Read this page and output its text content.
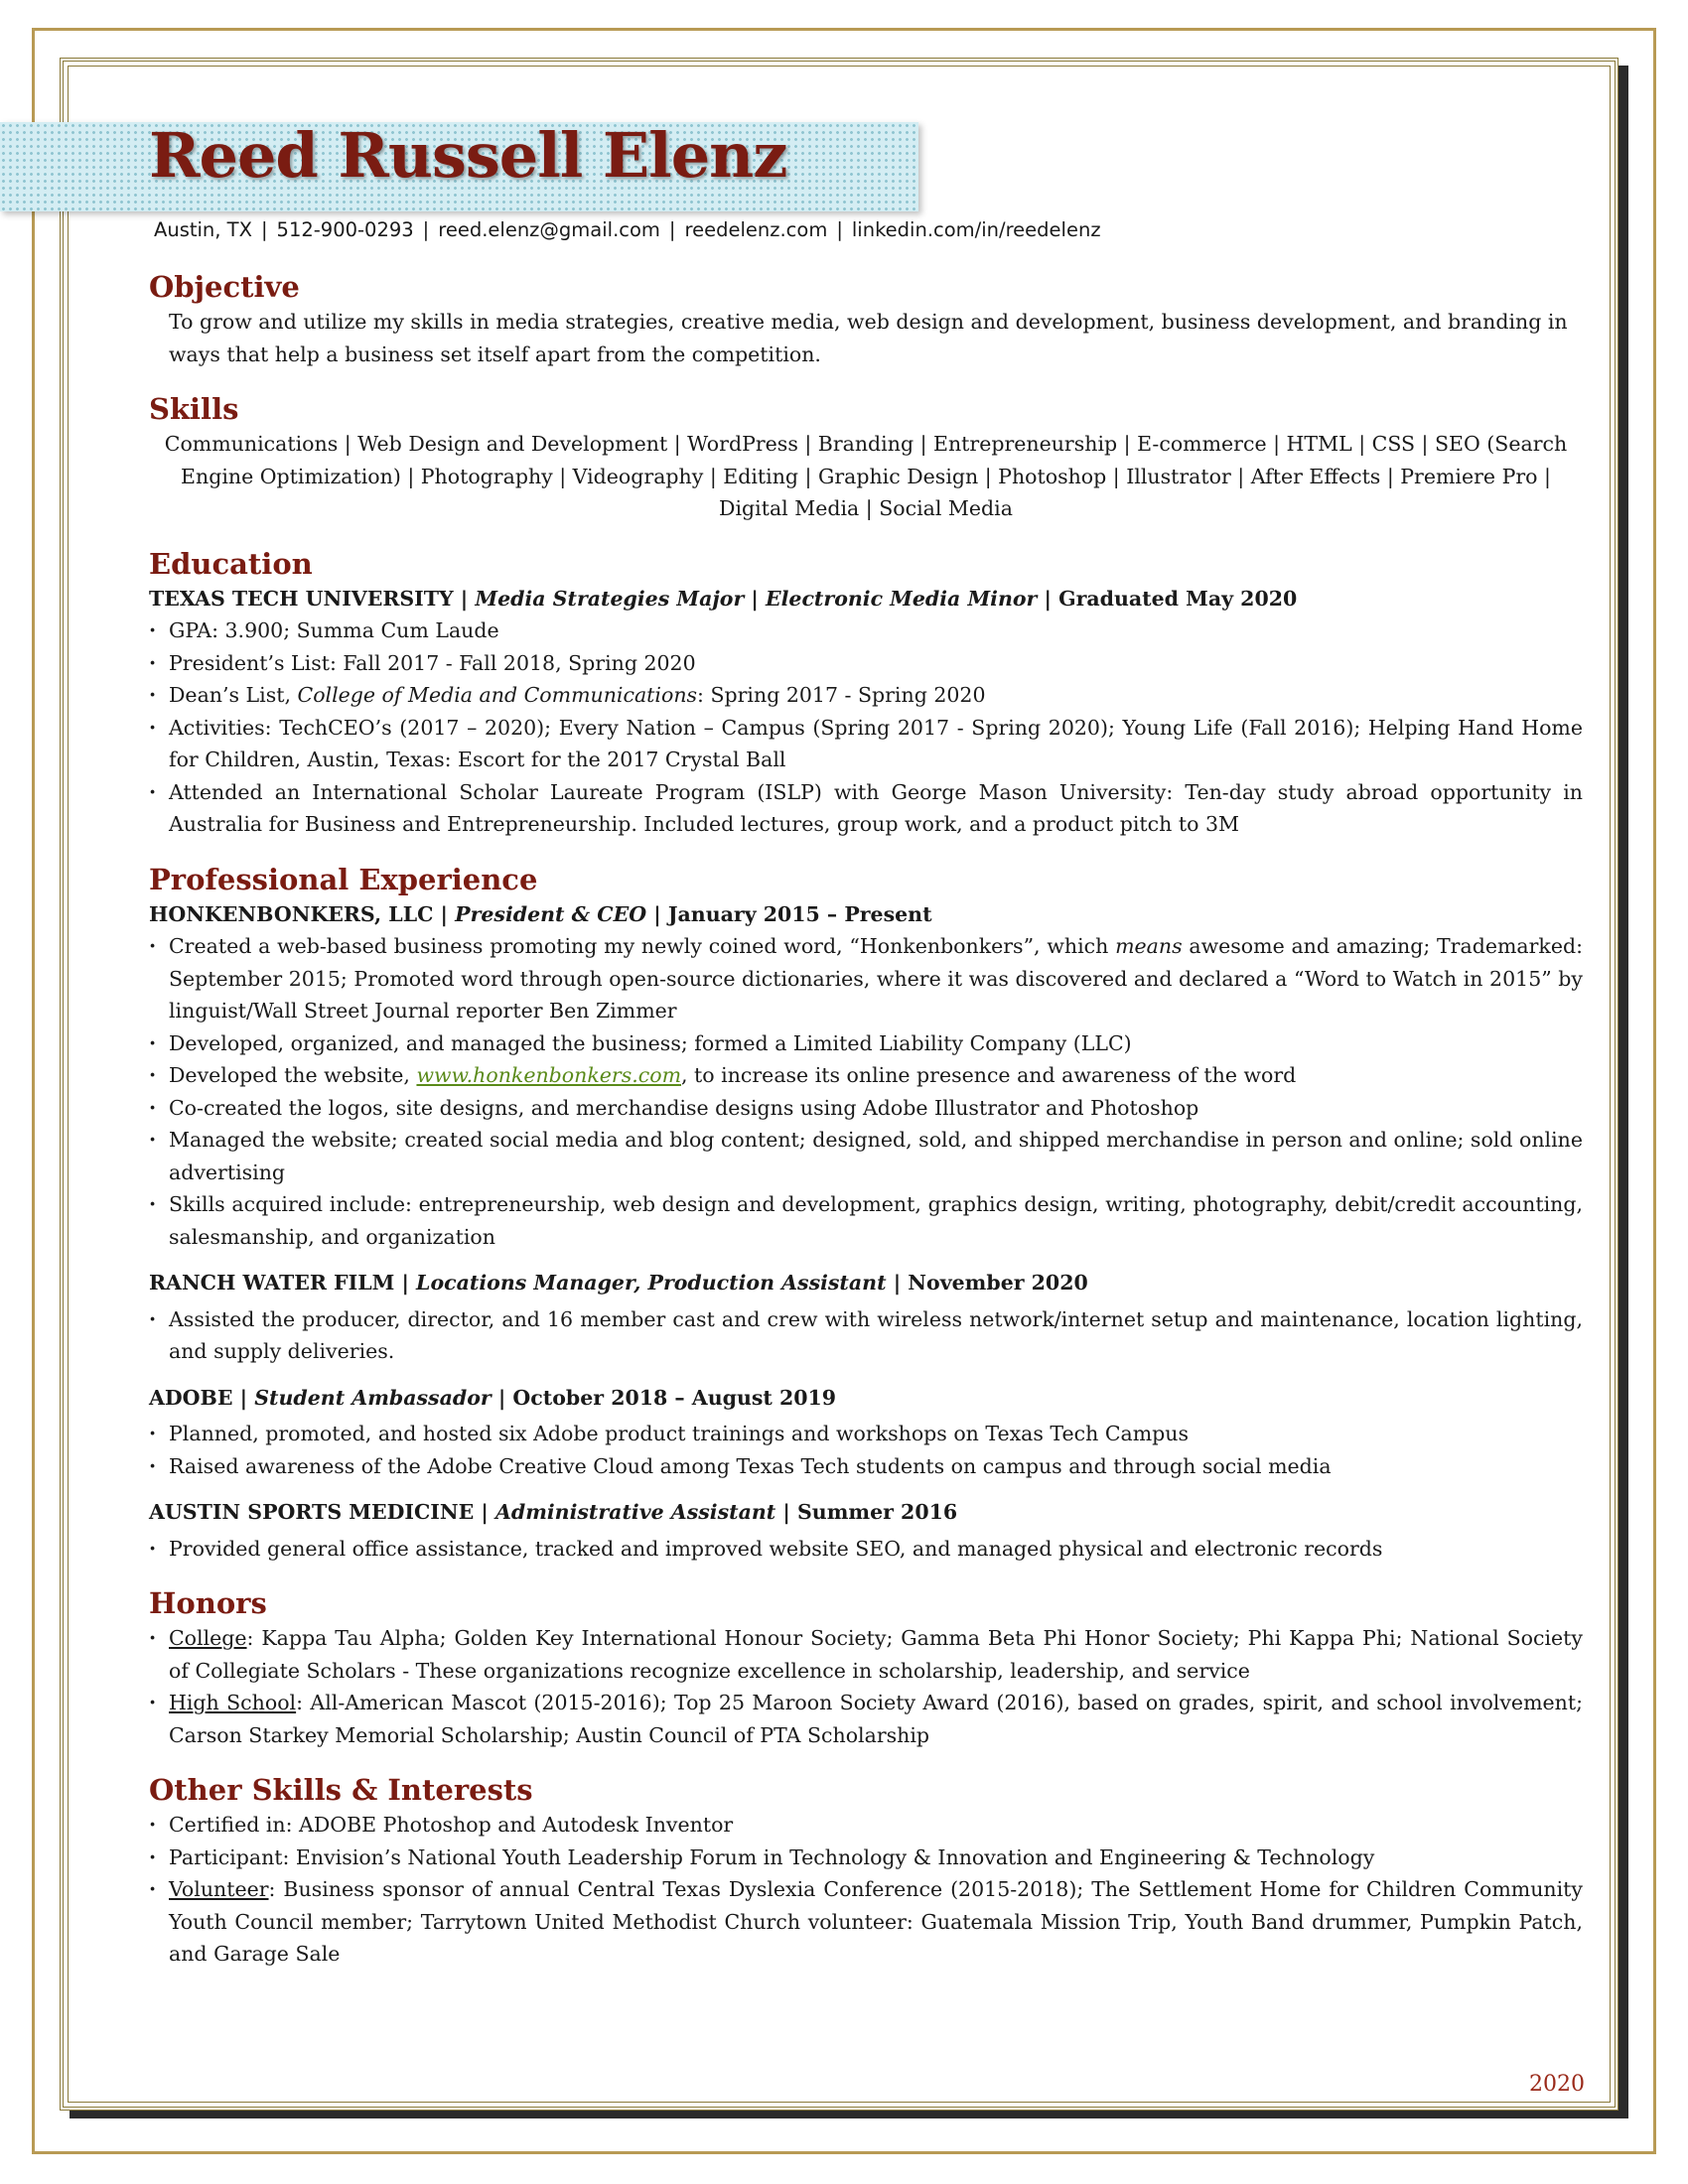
Reed Russell Elenz
Austin, TX | 512-900-0293 | reed.elenz@gmail.com | reedelenz.com | linkedin.com/in/reedelenz
Objective
To grow and utilize my skills in media strategies, creative media, web design and development, business development, and branding in ways that help a business set itself apart from the competition.
Skills
Communications | Web Design and Development | WordPress | Branding | Entrepreneurship | E-commerce | HTML | CSS | SEO (Search Engine Optimization) | Photography | Videography | Editing | Graphic Design | Photoshop | Illustrator | After Effects | Premiere Pro | Digital Media | Social Media
Education

TEXAS TECH UNIVERSITY | Media Strategies Major | Electronic Media Minor | Graduated May 2020

· GPA: 3.900; Summa Cum Laude
· President’s List: Fall 2017 - Fall 2018, Spring 2020
· Dean’s List, College of Media and Communications: Spring 2017 - Spring 2020
· Activities: TechCEO’s (2017 – 2020); Every Nation – Campus (Spring 2017 - Spring 2020); Young Life (Fall 2016); Helping Hand Home for Children, Austin, Texas: Escort for the 2017 Crystal Ball
· Attended an International Scholar Laureate Program (ISLP) with George Mason University: Ten-day study abroad opportunity in Australia for Business and Entrepreneurship. Included lectures, group work, and a product pitch to 3M
Professional Experience

HONKENBONKERS, LLC | President & CEO | January 2015 – Present

· Created a web-based business promoting my newly coined word, “Honkenbonkers”, which means awesome and amazing; Trademarked: September 2015; Promoted word through open-source dictionaries, where it was discovered and declared a “Word to Watch in 2015” by linguist/Wall Street Journal reporter Ben Zimmer
· Developed, organized, and managed the business; formed a Limited Liability Company (LLC)
· Developed the website, www.honkenbonkers.com, to increase its online presence and awareness of the word
· Co-created the logos, site designs, and merchandise designs using Adobe Illustrator and Photoshop
· Managed the website; created social media and blog content; designed, sold, and shipped merchandise in person and online; sold online advertising
· Skills acquired include: entrepreneurship, web design and development, graphics design, writing, photography, debit/credit accounting, salesmanship, and organization

RANCH WATER FILM | Locations Manager, Production Assistant | November 2020

· Assisted the producer, director, and 16 member cast and crew with wireless network/internet setup and maintenance, location lighting, and supply deliveries.

ADOBE | Student Ambassador | October 2018 – August 2019

· Planned, promoted, and hosted six Adobe product trainings and workshops on Texas Tech Campus
· Raised awareness of the Adobe Creative Cloud among Texas Tech students on campus and through social media

AUSTIN SPORTS MEDICINE | Administrative Assistant | Summer 2016

· Provided general office assistance, tracked and improved website SEO, and managed physical and electronic records
Honors
· College: Kappa Tau Alpha; Golden Key International Honour Society; Gamma Beta Phi Honor Society; Phi Kappa Phi; National Society of Collegiate Scholars - These organizations recognize excellence in scholarship, leadership, and service
· High School: All-American Mascot (2015-2016); Top 25 Maroon Society Award (2016), based on grades, spirit, and school involvement; Carson Starkey Memorial Scholarship; Austin Council of PTA Scholarship
Other Skills & Interests
· Certified in: ADOBE Photoshop and Autodesk Inventor
· Participant: Envision’s National Youth Leadership Forum in Technology & Innovation and Engineering & Technology
· Volunteer: Business sponsor of annual Central Texas Dyslexia Conference (2015-2018); The Settlement Home for Children Community Youth Council member; Tarrytown United Methodist Church volunteer: Guatemala Mission Trip, Youth Band drummer, Pumpkin Patch, and Garage Sale
2020
